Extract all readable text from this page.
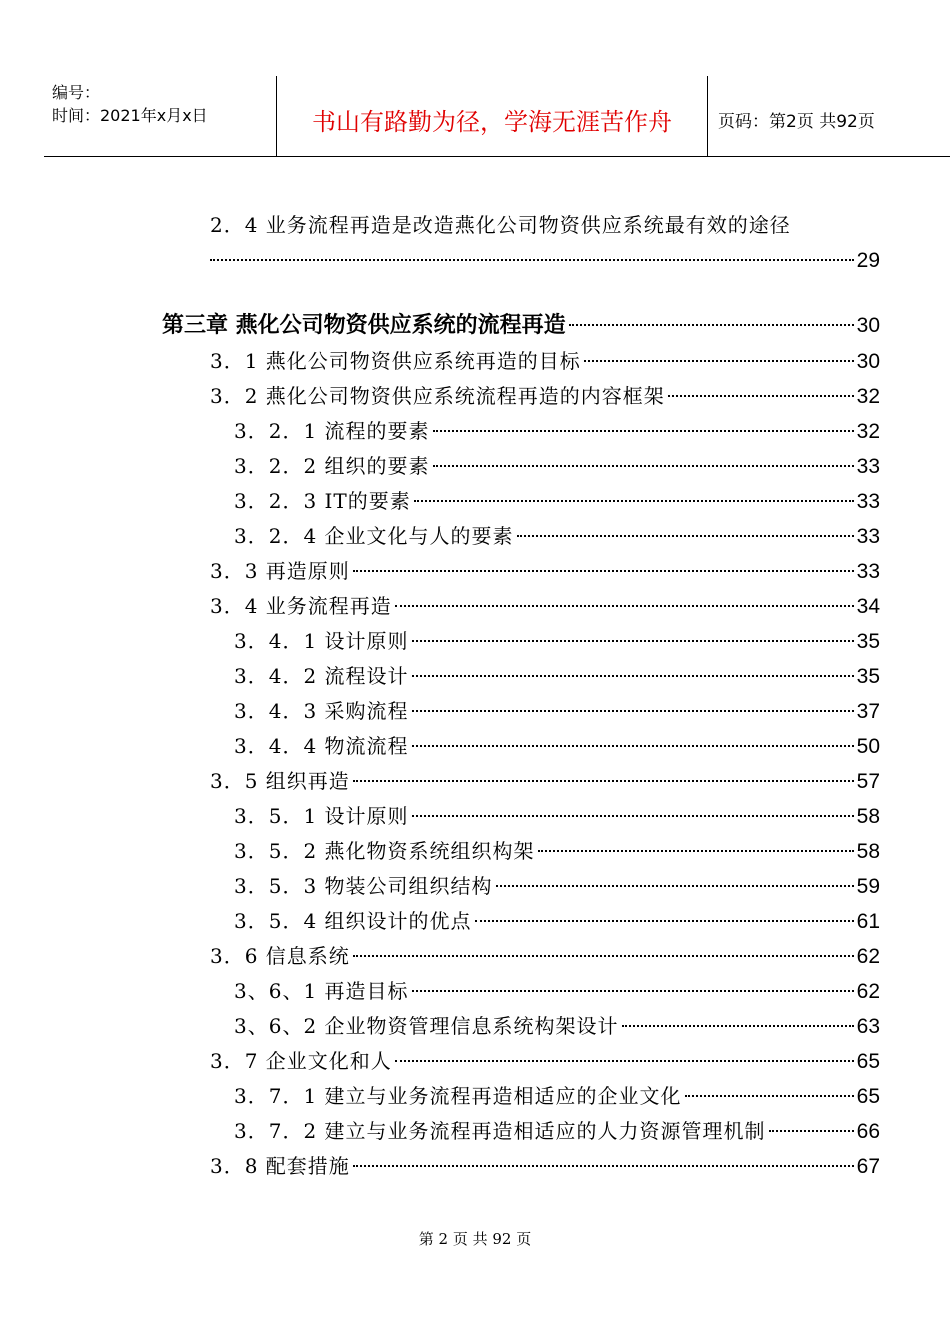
编号：
时间：2021年x月x日	书山有路勤为径，学海无涯苦作舟	页码：第2页 共92页
2．4 业务流程再造是改造燕化公司物资供应系统最有效的途径
29
第三章 燕化公司物资供应系统的流程再造	30
3．1 燕化公司物资供应系统再造的目标	30
3．2 燕化公司物资供应系统流程再造的内容框架	32
3．2．1 流程的要素	32
3．2．2 组织的要素	33
3．2．3 IT的要素	33
3．2．4 企业文化与人的要素	33
3．3 再造原则	33
3．4 业务流程再造	34
3．4．1 设计原则	35
3．4．2 流程设计	35
3．4．3 采购流程	37
3．4．4 物流流程	50
3．5 组织再造	57
3．5．1 设计原则	58
3．5．2 燕化物资系统组织构架	58
3．5．3 物装公司组织结构	59
3．5．4 组织设计的优点	61
3．6 信息系统	62
3、6、1 再造目标	62
3、6、2 企业物资管理信息系统构架设计	63
3．7 企业文化和人	65
3．7．1 建立与业务流程再造相适应的企业文化	65
3．7．2 建立与业务流程再造相适应的人力资源管理机制	66
3．8 配套措施	67
第 2 页 共 92 页
